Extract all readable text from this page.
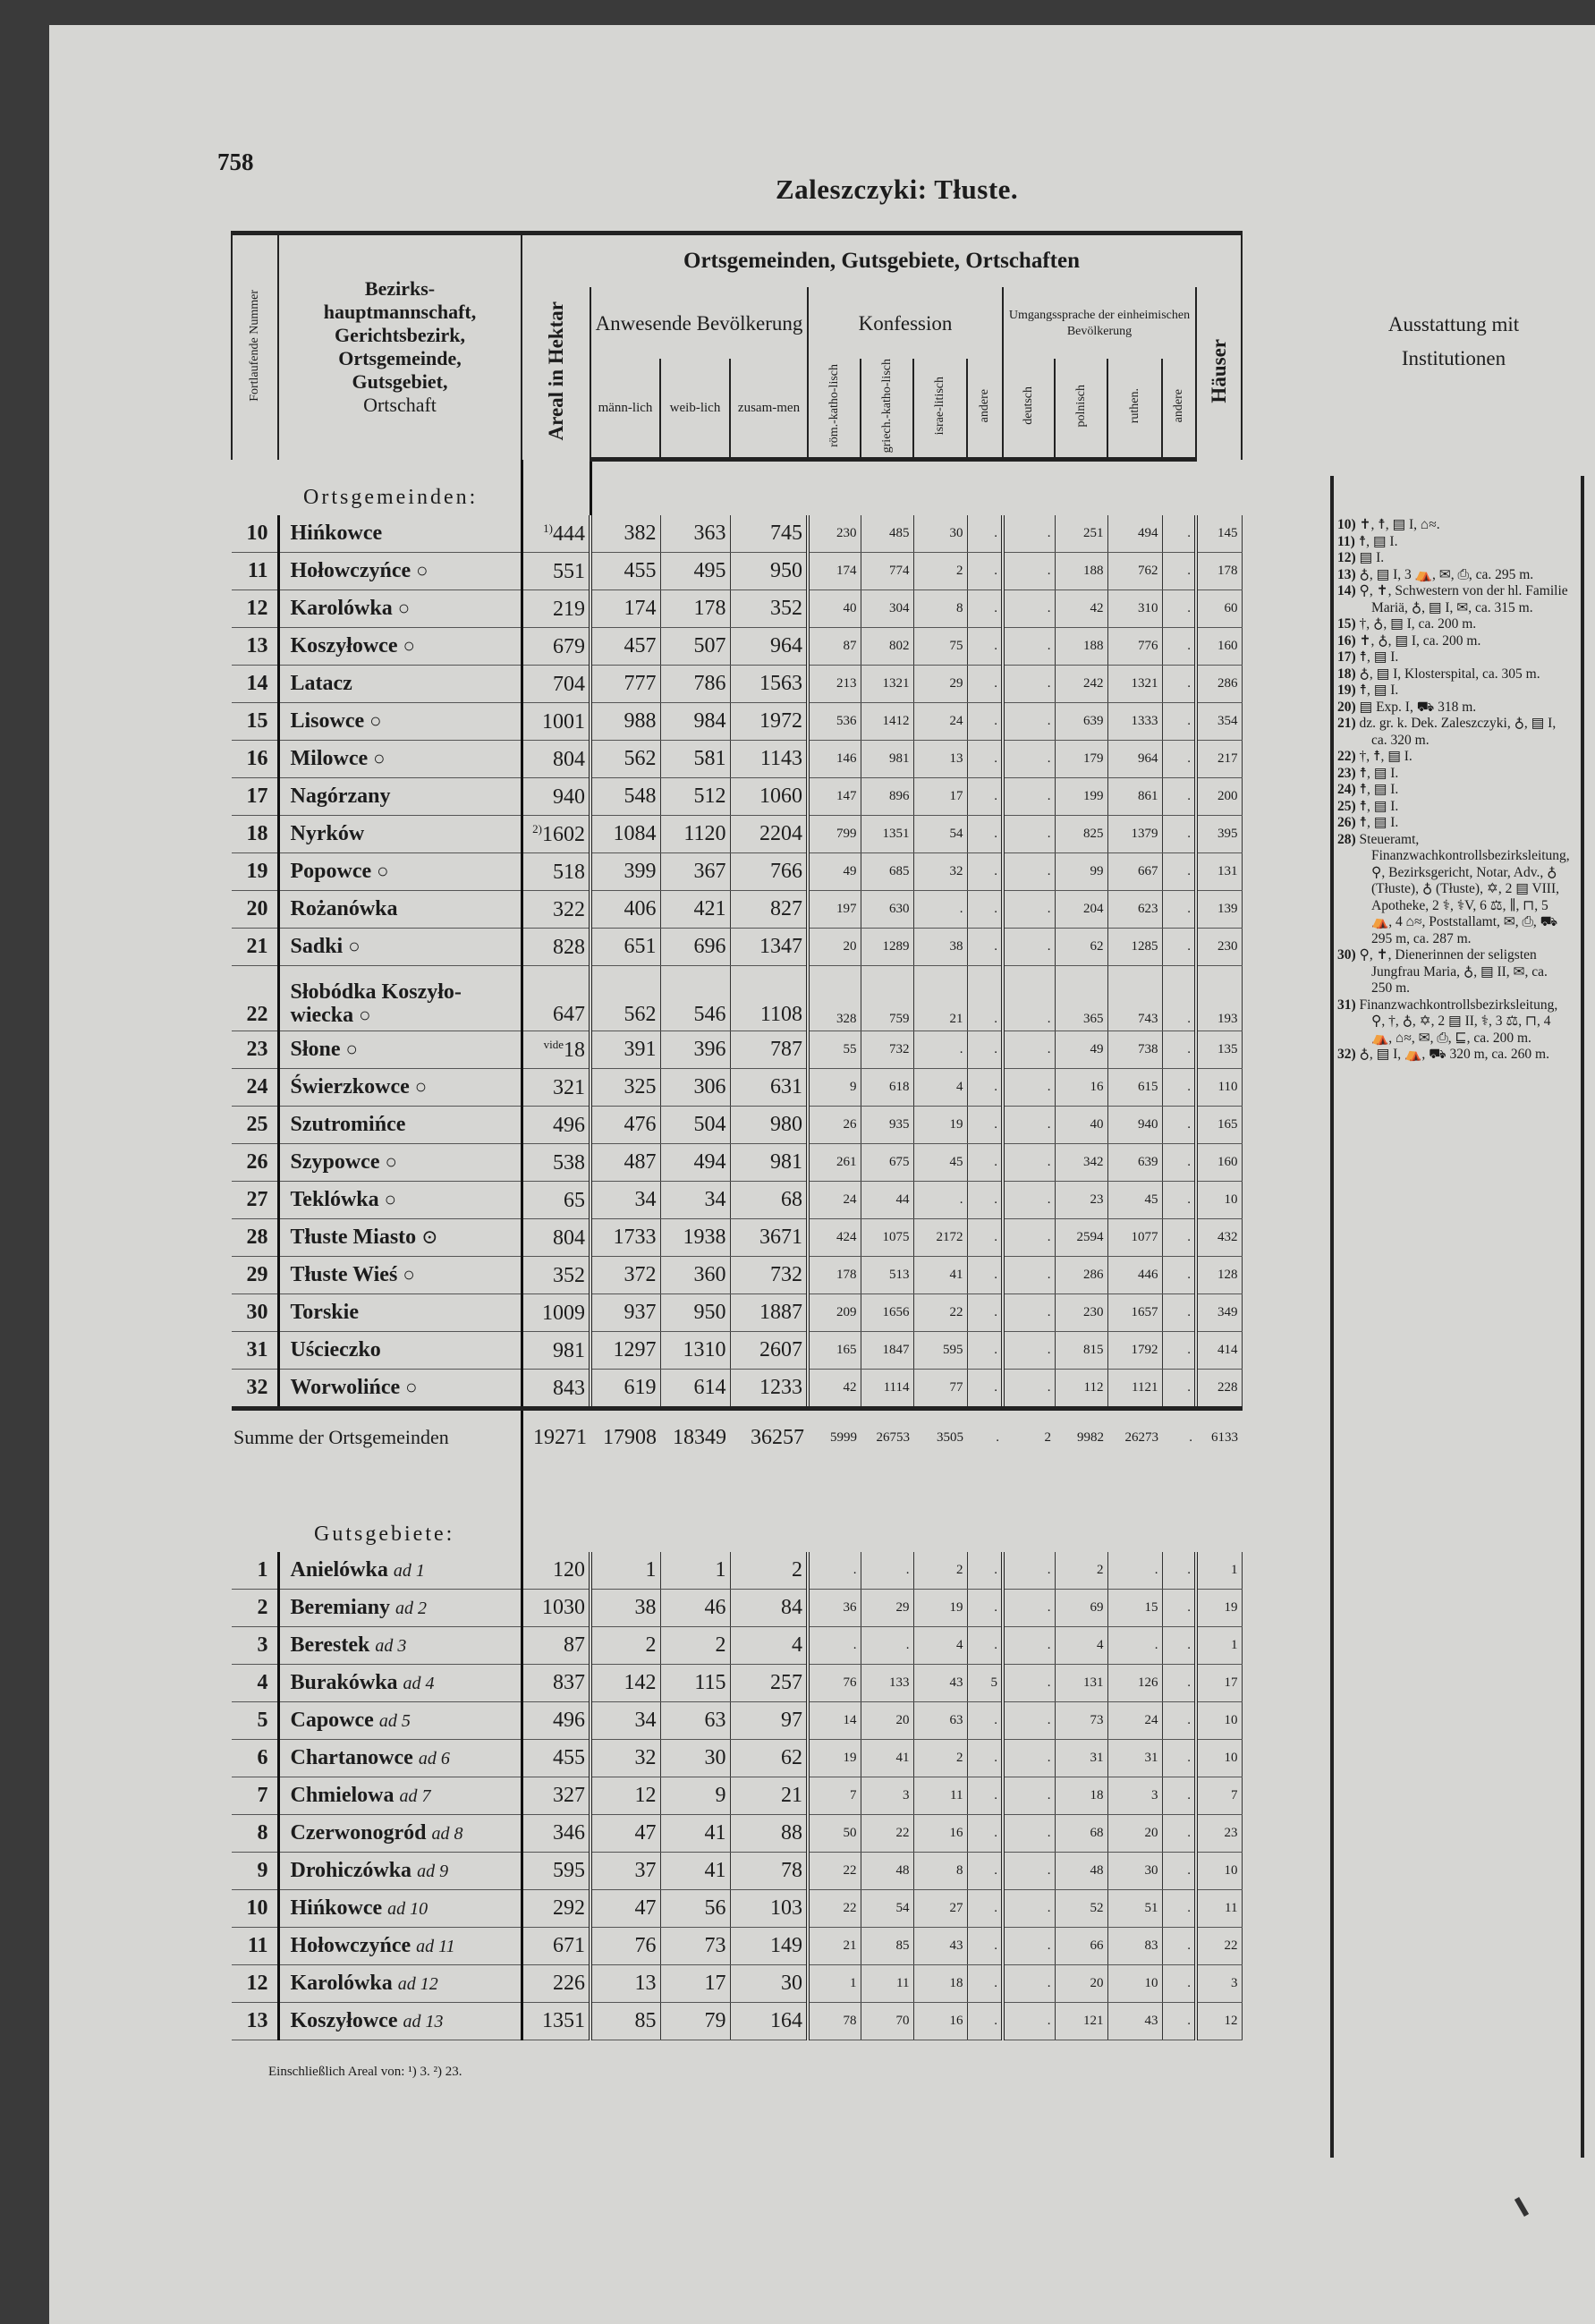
758
Zaleszczyki: Tłuste.
Fortlaufende Nummer	
Bezirks-
hauptmannschaft,
Gerichtsbezirk,
Ortsgemeinde,
Gutsgebiet,
Ortschaft
	Ortsgemeinden, Gutsgebiete, Ortschaften
		Areal in Hektar	Anwesende Bevölkerung			Konfession				Umgangssprache der einheimischen Bevölkerung				Häuser
			männ-lich	weib-lich	zusam-men	röm.-katho-lisch	griech.-katho-lisch	israe-litisch	andere	deutsch	polnisch	ruthen.	andere	
	Ortsgemeinden:													
10	Hińkowce	$^{1)}$444	382	363	745	230	485	30	.	.	251	494	.	145
11	Hołowczyńce ○	551	455	495	950	174	774	2	.	.	188	762	.	178
12	Karolówka ○	219	174	178	352	40	304	8	.	.	42	310	.	60
13	Koszyłowce ○	679	457	507	964	87	802	75	.	.	188	776	.	160
14	Latacz	704	777	786	1563	213	1321	29	.	.	242	1321	.	286
15	Lisowce ○	1001	988	984	1972	536	1412	24	.	.	639	1333	.	354
16	Milowce ○	804	562	581	1143	146	981	13	.	.	179	964	.	217
17	Nagórzany	940	548	512	1060	147	896	17	.	.	199	861	.	200
18	Nyrków	$^{2)}$1602	1084	1120	2204	799	1351	54	.	.	825	1379	.	395
19	Popowce ○	518	399	367	766	49	685	32	.	.	99	667	.	131
20	Rożanówka	322	406	421	827	197	630	.	.	.	204	623	.	139
21	Sadki ○	828	651	696	1347	20	1289	38	.	.	62	1285	.	230
22	Słobódka Koszyło-wiecka ○	647	562	546	1108	328	759	21	.	.	365	743	.	193
23	Słone ○	$^{vide}$18	391	396	787	55	732	.	.	.	49	738	.	135
24	Świerzkowce ○	321	325	306	631	9	618	4	.	.	16	615	.	110
25	Szutromińce	496	476	504	980	26	935	19	.	.	40	940	.	165
26	Szypowce ○	538	487	494	981	261	675	45	.	.	342	639	.	160
27	Teklówka ○	65	34	34	68	24	44	.	.	.	23	45	.	10
28	Tłuste Miasto ⊙	804	1733	1938	3671	424	1075	2172	.	.	2594	1077	.	432
29	Tłuste Wieś ○	352	372	360	732	178	513	41	.	.	286	446	.	128
30	Torskie	1009	937	950	1887	209	1656	22	.	.	230	1657	.	349
31	Uścieczko	981	1297	1310	2607	165	1847	595	.	.	815	1792	.	414
32	Worwolińce ○	843	619	614	1233	42	1114	77	.	.	112	1121	.	228
Summe der Ortsgemeinden		19271	17908	18349	36257	5999	26753	3505	.	2	9982	26273	.	6133
	Gutsgebiete:													
1	Anielówka ad 1	120	1	1	2	.	.	2	.	.	2	.	.	1
2	Beremiany ad 2	1030	38	46	84	36	29	19	.	.	69	15	.	19
3	Berestek ad 3	87	2	2	4	.	.	4	.	.	4	.	.	1
4	Burakówka ad 4	837	142	115	257	76	133	43	5	.	131	126	.	17
5	Capowce ad 5	496	34	63	97	14	20	63	.	.	73	24	.	10
6	Chartanowce ad 6	455	32	30	62	19	41	2	.	.	31	31	.	10
7	Chmielowa ad 7	327	12	9	21	7	3	11	.	.	18	3	.	7
8	Czerwonogród ad 8	346	47	41	88	50	22	16	.	.	68	20	.	23
9	Drohiczówka ad 9	595	37	41	78	22	48	8	.	.	48	30	.	10
10	Hińkowce ad 10	292	47	56	103	22	54	27	.	.	52	51	.	11
11	Hołowczyńce ad 11	671	76	73	149	21	85	43	.	.	66	83	.	22
12	Karolówka ad 12	226	13	17	30	1	11	18	.	.	20	10	.	3
13	Koszyłowce ad 13	1351	85	79	164	78	70	16	.	.	121	43	.	12

Ausstattung mit Institutionen

10) ✝, ☨, ▤ I, ⌂≈.

11) ☨, ▤ I.

12) ▤ I.

13) ♁, ▤ I, 3 ⛺, ✉, ⎙, ca. 295 m.

14) ⚲, ✝, Schwestern von der hl. Familie Mariä, ♁, ▤ I, ✉, ca. 315 m.

15) †, ♁, ▤ I, ca. 200 m.

16) ✝, ♁, ▤ I, ca. 200 m.

17) ☨, ▤ I.

18) ♁, ▤ I, Klosterspital, ca. 305 m.

19) ☨, ▤ I.

20) ▤ Exp. I, ⛟ 318 m.

21) dz. gr. k. Dek. Zaleszczyki, ♁, ▤ I, ca. 320 m.

22) †, ☨, ▤ I.

23) ☨, ▤ I.

24) ☨, ▤ I.

25) ☨, ▤ I.

26) ☨, ▤ I.

28) Steueramt, Finanzwachkontrollsbezirksleitung, ⚲, Bezirksgericht, Notar, Adv., ♁ (Tłuste), ♁ (Tłuste), ✡, 2 ▤ VIII, Apotheke, 2 ⚕, ⚕V, 6 ⚖, ∥, ⊓, 5 ⛺, 4 ⌂≈, Poststallamt, ✉, ⎙, ⛟ 295 m, ca. 287 m.

30) ⚲, ✝, Dienerinnen der seligsten Jungfrau Maria, ♁, ▤ II, ✉, ca. 250 m.

31) Finanzwachkontrollsbezirksleitung, ⚲, †, ♁, ✡, 2 ▤ II, ⚕, 3 ⚖, ⊓, 4 ⛺, ⌂≈, ✉, ⎙, ⊑, ca. 200 m.

32) ♁, ▤ I, ⛺, ⛟ 320 m, ca. 260 m.

Einschließlich Areal von: ¹) 3. ²) 23.
